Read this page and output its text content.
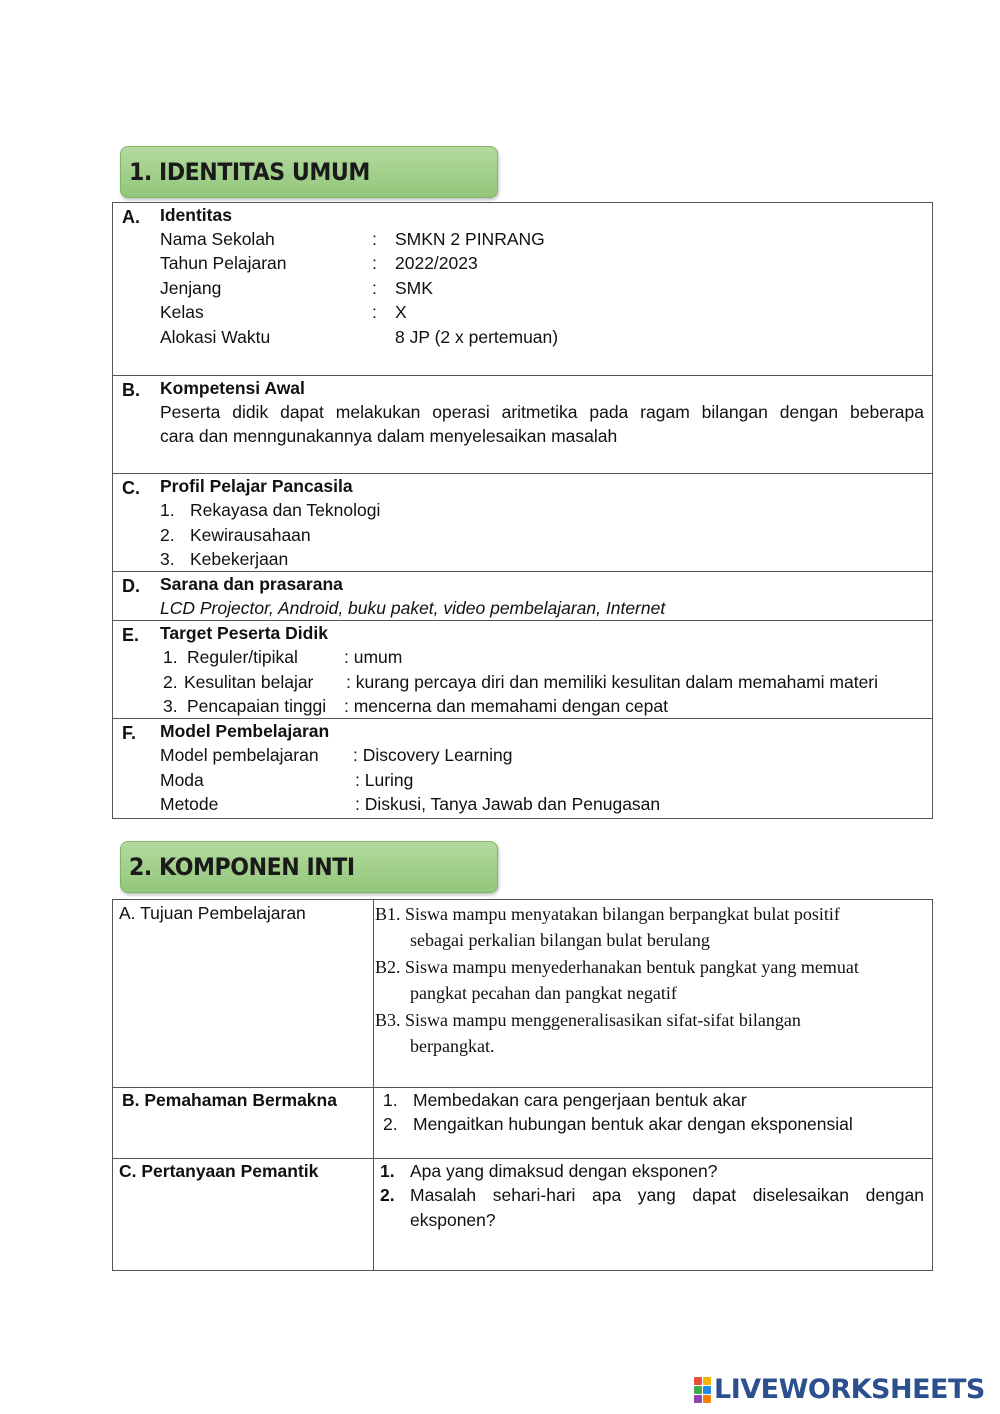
1. IDENTITAS UMUM
A. Identitas
Nama Sekolah	: SMKN 2 PINRANG
Tahun Pelajaran	: 2022/2023
Jenjang	: SMK
Kelas	: X
Alokasi Waktu	8 JP (2 x pertemuan)
B. Kompetensi Awal
Peserta didik dapat melakukan operasi aritmetika pada ragam bilangan dengan beberapa
cara dan menngunakannya dalam menyelesaikan masalah
C. Profil Pelajar Pancasila
1. Rekayasa dan Teknologi
2. Kewirausahaan
3. Kebekerjaan
D. Sarana dan prasarana
LCD Projector, Android, buku paket, video pembelajaran, Internet
E. Target Peserta Didik
1. Reguler/tipikal	: umum
2. Kesulitan belajar : kurang percaya diri dan memiliki kesulitan dalam memahami materi
3. Pencapaian tinggi : mencerna dan memahami dengan cepat
F. Model Pembelajaran
Model pembelajaran : Discovery Learning
Moda	: Luring
Metode	: Diskusi, Tanya Jawab dan Penugasan
2. KOMPONEN INTI
A. Tujuan Pembelajaran	B1. Siswa mampu menyatakan bilangan berpangkat bulat positif
sebagai perkalian bilangan bulat berulang
B2. Siswa mampu menyederhanakan bentuk pangkat yang memuat
pangkat pecahan dan pangkat negatif
B3. Siswa mampu menggeneralisasikan sifat-sifat bilangan
berpangkat.
B. Pemahaman Bermakna	1. Membedakan cara pengerjaan bentuk akar
2. Mengaitkan hubungan bentuk akar dengan eksponensial
C. Pertanyaan Pemantik	1. Apa yang dimaksud dengan eksponen?
2. Masalah sehari-hari apa yang dapat diselesaikan dengan
eksponen?
LIVEWORKSHEETS
